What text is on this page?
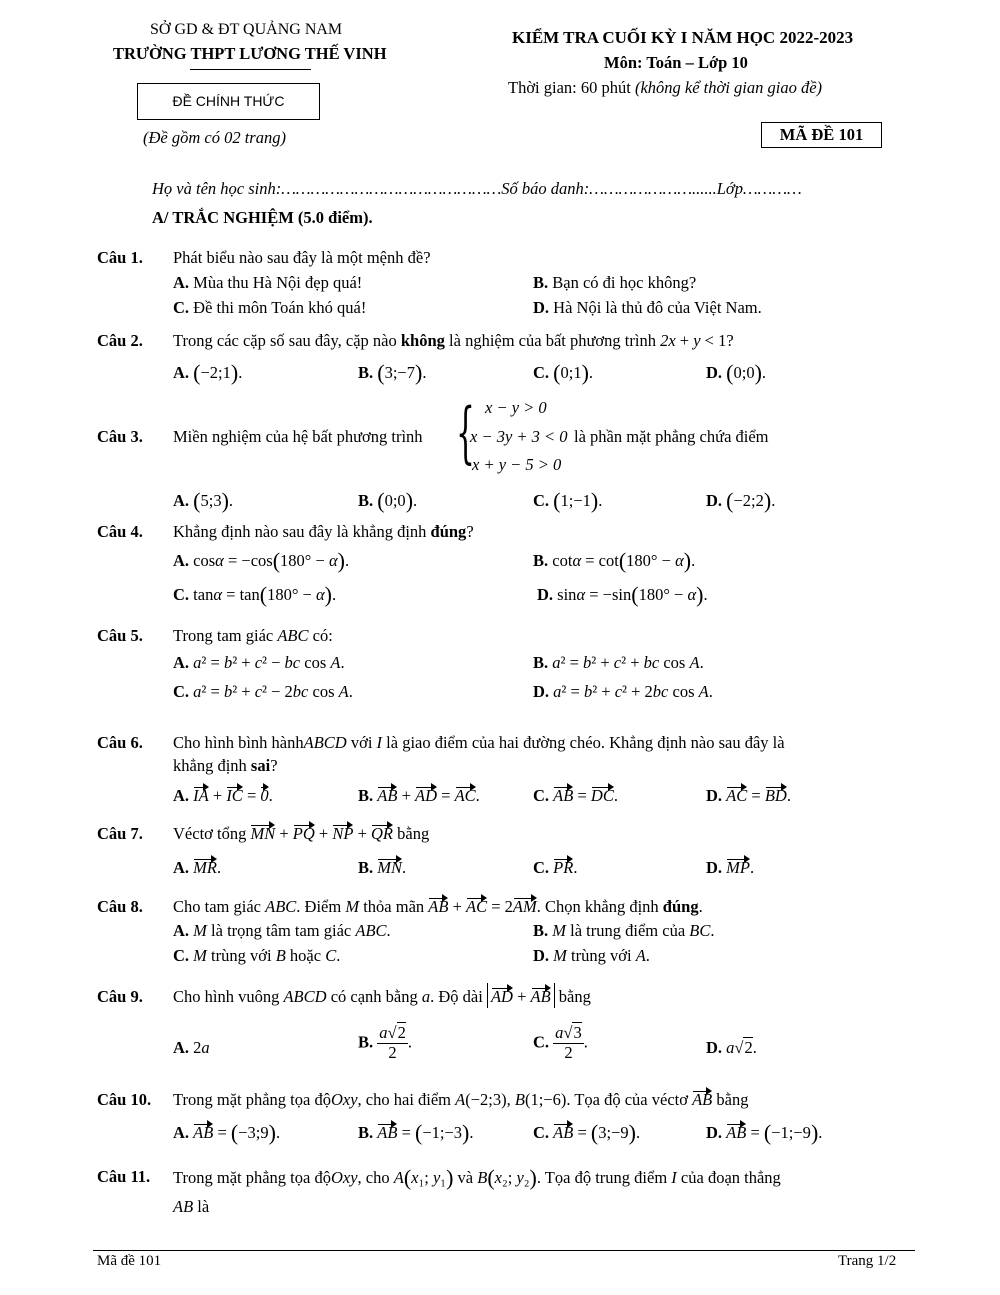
SỞ GD & ĐT QUẢNG NAM
TRƯỜNG THPT LƯƠNG THẾ VINH
ĐỀ CHÍNH THỨC
(Đề gồm có 02 trang)
KIỂM TRA CUỐI KỲ I NĂM HỌC 2022-2023
Môn: Toán – Lớp 10
Thời gian: 60 phút (không kể thời gian giao đề)
MÃ ĐỀ 101
Họ và tên học sinh:………………………………………Số báo danh:…………………......Lớp…………
A/ TRẮC NGHIỆM (5.0 điểm).
Câu 1. Phát biểu nào sau đây là một mệnh đề?
A. Mùa thu Hà Nội đẹp quá!	B. Bạn có đi học không?
C. Đề thi môn Toán khó quá!	D. Hà Nội là thủ đô của Việt Nam.
Câu 2. Trong các cặp số sau đây, cặp nào không là nghiệm của bất phương trình 2x + y < 1?
A. (−2;1).	B. (3;−7).	C. (0;1).	D. (0;0).
Câu 3. Miền nghiệm của hệ bất phương trình { x − y > 0
x − 3y + 3 < 0
x + y − 5 > 0
là phần mặt phẳng chứa điểm
A. (5;3).	B. (0;0).	C. (1;−1).	D. (−2;2).
Câu 4. Khẳng định nào sau đây là khẳng định đúng?
A. cosα = −cos(180° − α).	B. cotα = cot(180° − α).
C. tanα = tan(180° − α).	D. sinα = −sin(180° − α).
Câu 5. Trong tam giác ABC có:
A. a² = b² + c² − bc cos A.	B. a² = b² + c² + bc cos A.
C. a² = b² + c² − 2bc cos A.	D. a² = b² + c² + 2bc cos A.
Câu 6. Cho hình bình hànhABCD với I là giao điểm của hai đường chéo. Khẳng định nào sau đây là
khẳng định sai?
A. IA + IC = 0.	B. AB + AD = AC.	C. AB = DC.	D. AC = BD.
Câu 7. Véctơ tổng MN + PQ + NP + QR bằng
A. MR.	B. MN.	C. PR.	D. MP.
Câu 8. Cho tam giác ABC. Điểm M thỏa mãn AB + AC = 2AM. Chọn khẳng định đúng.
A. M là trọng tâm tam giác ABC.	B. M là trung điểm của BC.
C. M trùng với B hoặc C.	D. M trùng với A.
Câu 9. Cho hình vuông ABCD có cạnh bằng a. Độ dài AD + AB bằng
A. 2a	B. $\frac{a√2}{2}$ .	C. $\frac{a√3}{2}$ .	D. a√2.
Câu 10. Trong mặt phẳng tọa độOxy, cho hai điểm A(−2;3), B(1;−6). Tọa độ của véctơ AB bằng
A. AB = (−3;9).	B. AB = (−1;−3).	C. AB = (3;−9).	D. AB = (−1;−9).
Câu 11. Trong mặt phẳng tọa độOxy, cho A(x₁; y₁) và B(x₂; y₂). Tọa độ trung điểm I của đoạn thẳng
AB là
Mã đề 101	Trang 1/2
